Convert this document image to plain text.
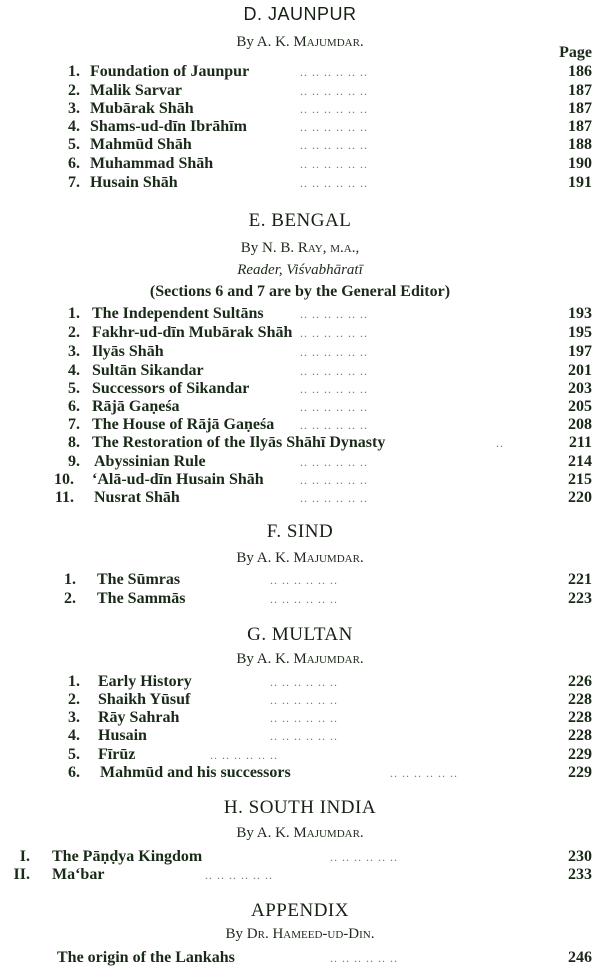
D. JAUNPUR
By A. K. Majumdar.
Page
1. Foundation of Jaunpur	.. .. .. .. .. ..	186
2. Malik Sarvar	.. .. .. .. .. ..	187
3. Mubārak Shāh	.. .. .. .. .. ..	187
4. Shams-ud-dīn Ibrāhīm	.. .. .. .. .. ..	187
5. Mahmūd Shāh	.. .. .. .. .. ..	188
6. Muhammad Shāh	.. .. .. .. .. ..	190
7. Husain Shāh	.. .. .. .. .. ..	191
E. BENGAL
By N. B. Ray, m.a.,
Reader, Viśvabhāratī
(Sections 6 and 7 are by the General Editor)
1. The Independent Sultāns	.. .. .. .. .. ..	193
2. Fakhr-ud-dīn Mubārak Shāh .. .. .. .. .. ..	195
3. Ilyās Shāh	.. .. .. .. .. ..	197
4. Sultān Sikandar	.. .. .. .. .. ..	201
5. Successors of Sikandar	.. .. .. .. .. ..	203
6. Rājā Gaṇeśa	.. .. .. .. .. ..	205
7. The House of Rājā Gaṇeśa .. .. .. .. .. ..	208
8. The Restoration of the Ilyās Shāhī Dynasty	..	211
9. Abyssinian Rule	.. .. .. .. .. ..	214
10. ‘Alā-ud-dīn Husain Shāh	.. .. .. .. .. ..	215
11. Nusrat Shāh	.. .. .. .. .. ..	220
F. SIND
By A. K. Majumdar.
1. The Sūmras	.. .. .. .. .. ..	221
2. The Sammās	.. .. .. .. .. ..	223
G. MULTAN
By A. K. Majumdar.
1. Early History	.. .. .. .. .. ..	226
2. Shaikh Yūsuf	.. .. .. .. .. ..	228
3. Rāy Sahrah	.. .. .. .. .. ..	228
4. Husain	.. .. .. .. .. ..	228
5. Fīrūz	.. .. .. .. .. ..	229
6. Mahmūd and his successors	.. .. .. .. .. ..	229
H. SOUTH INDIA
By A. K. Majumdar.
I. The Pāṇḍya Kingdom	.. .. .. .. .. ..	230
II. Ma‘bar	.. .. .. .. .. ..	233
APPENDIX
By Dr. Hameed-ud-Din.
The origin of the Lankahs	.. .. .. .. .. ..	246
